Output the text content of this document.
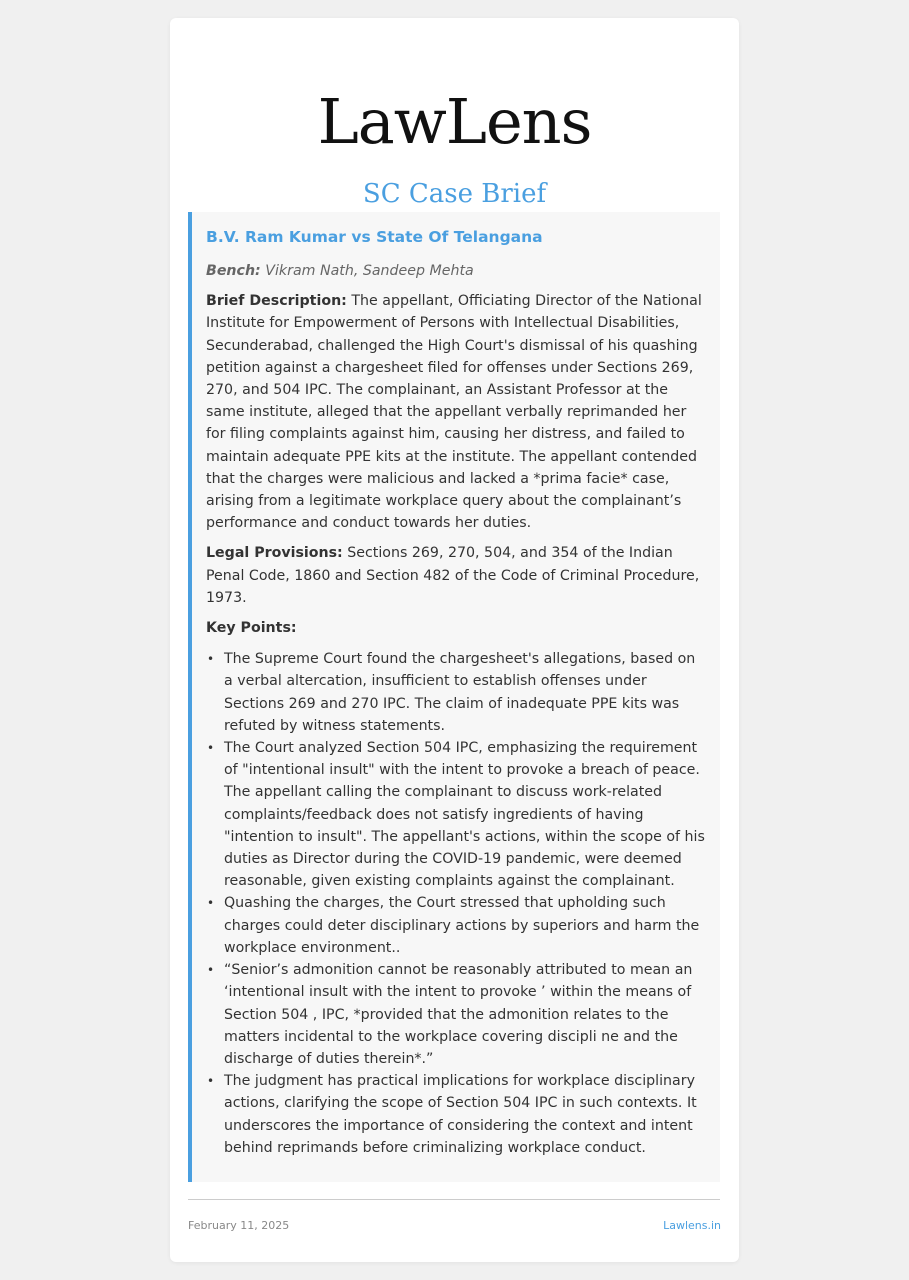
LawLens
SC Case Brief
B.V. Ram Kumar vs State Of Telangana
Bench: Vikram Nath, Sandeep Mehta
Brief Description: The appellant, Officiating Director of the National Institute for Empowerment of Persons with Intellectual Disabilities, Secunderabad, challenged the High Court's dismissal of his quashing petition against a chargesheet filed for offenses under Sections 269, 270, and 504 IPC. The complainant, an Assistant Professor at the same institute, alleged that the appellant verbally reprimanded her for filing complaints against him, causing her distress, and failed to maintain adequate PPE kits at the institute. The appellant contended that the charges were malicious and lacked a *prima facie* case, arising from a legitimate workplace query about the complainant’s performance and conduct towards her duties.
Legal Provisions: Sections 269, 270, 504, and 354 of the Indian Penal Code, 1860 and Section 482 of the Code of Criminal Procedure, 1973.
Key Points:
• The Supreme Court found the chargesheet's allegations, based on a verbal altercation, insufficient to establish offenses under Sections 269 and 270 IPC. The claim of inadequate PPE kits was refuted by witness statements.
• The Court analyzed Section 504 IPC, emphasizing the requirement of "intentional insult" with the intent to provoke a breach of peace. The appellant calling the complainant to discuss work-related complaints/feedback does not satisfy ingredients of having "intention to insult". The appellant's actions, within the scope of his duties as Director during the COVID-19 pandemic, were deemed reasonable, given existing complaints against the complainant.
• Quashing the charges, the Court stressed that upholding such charges could deter disciplinary actions by superiors and harm the workplace environment..
• “Senior’s admonition cannot be reasonably attributed to mean an ‘intentional insult with the intent to provoke ’ within the means of Section 504 , IPC, *provided that the admonition relates to the matters incidental to the workplace covering discipli ne and the discharge of duties therein*.”
• The judgment has practical implications for workplace disciplinary actions, clarifying the scope of Section 504 IPC in such contexts. It underscores the importance of considering the context and intent behind reprimands before criminalizing workplace conduct.
February 11, 2025	Lawlens.in
